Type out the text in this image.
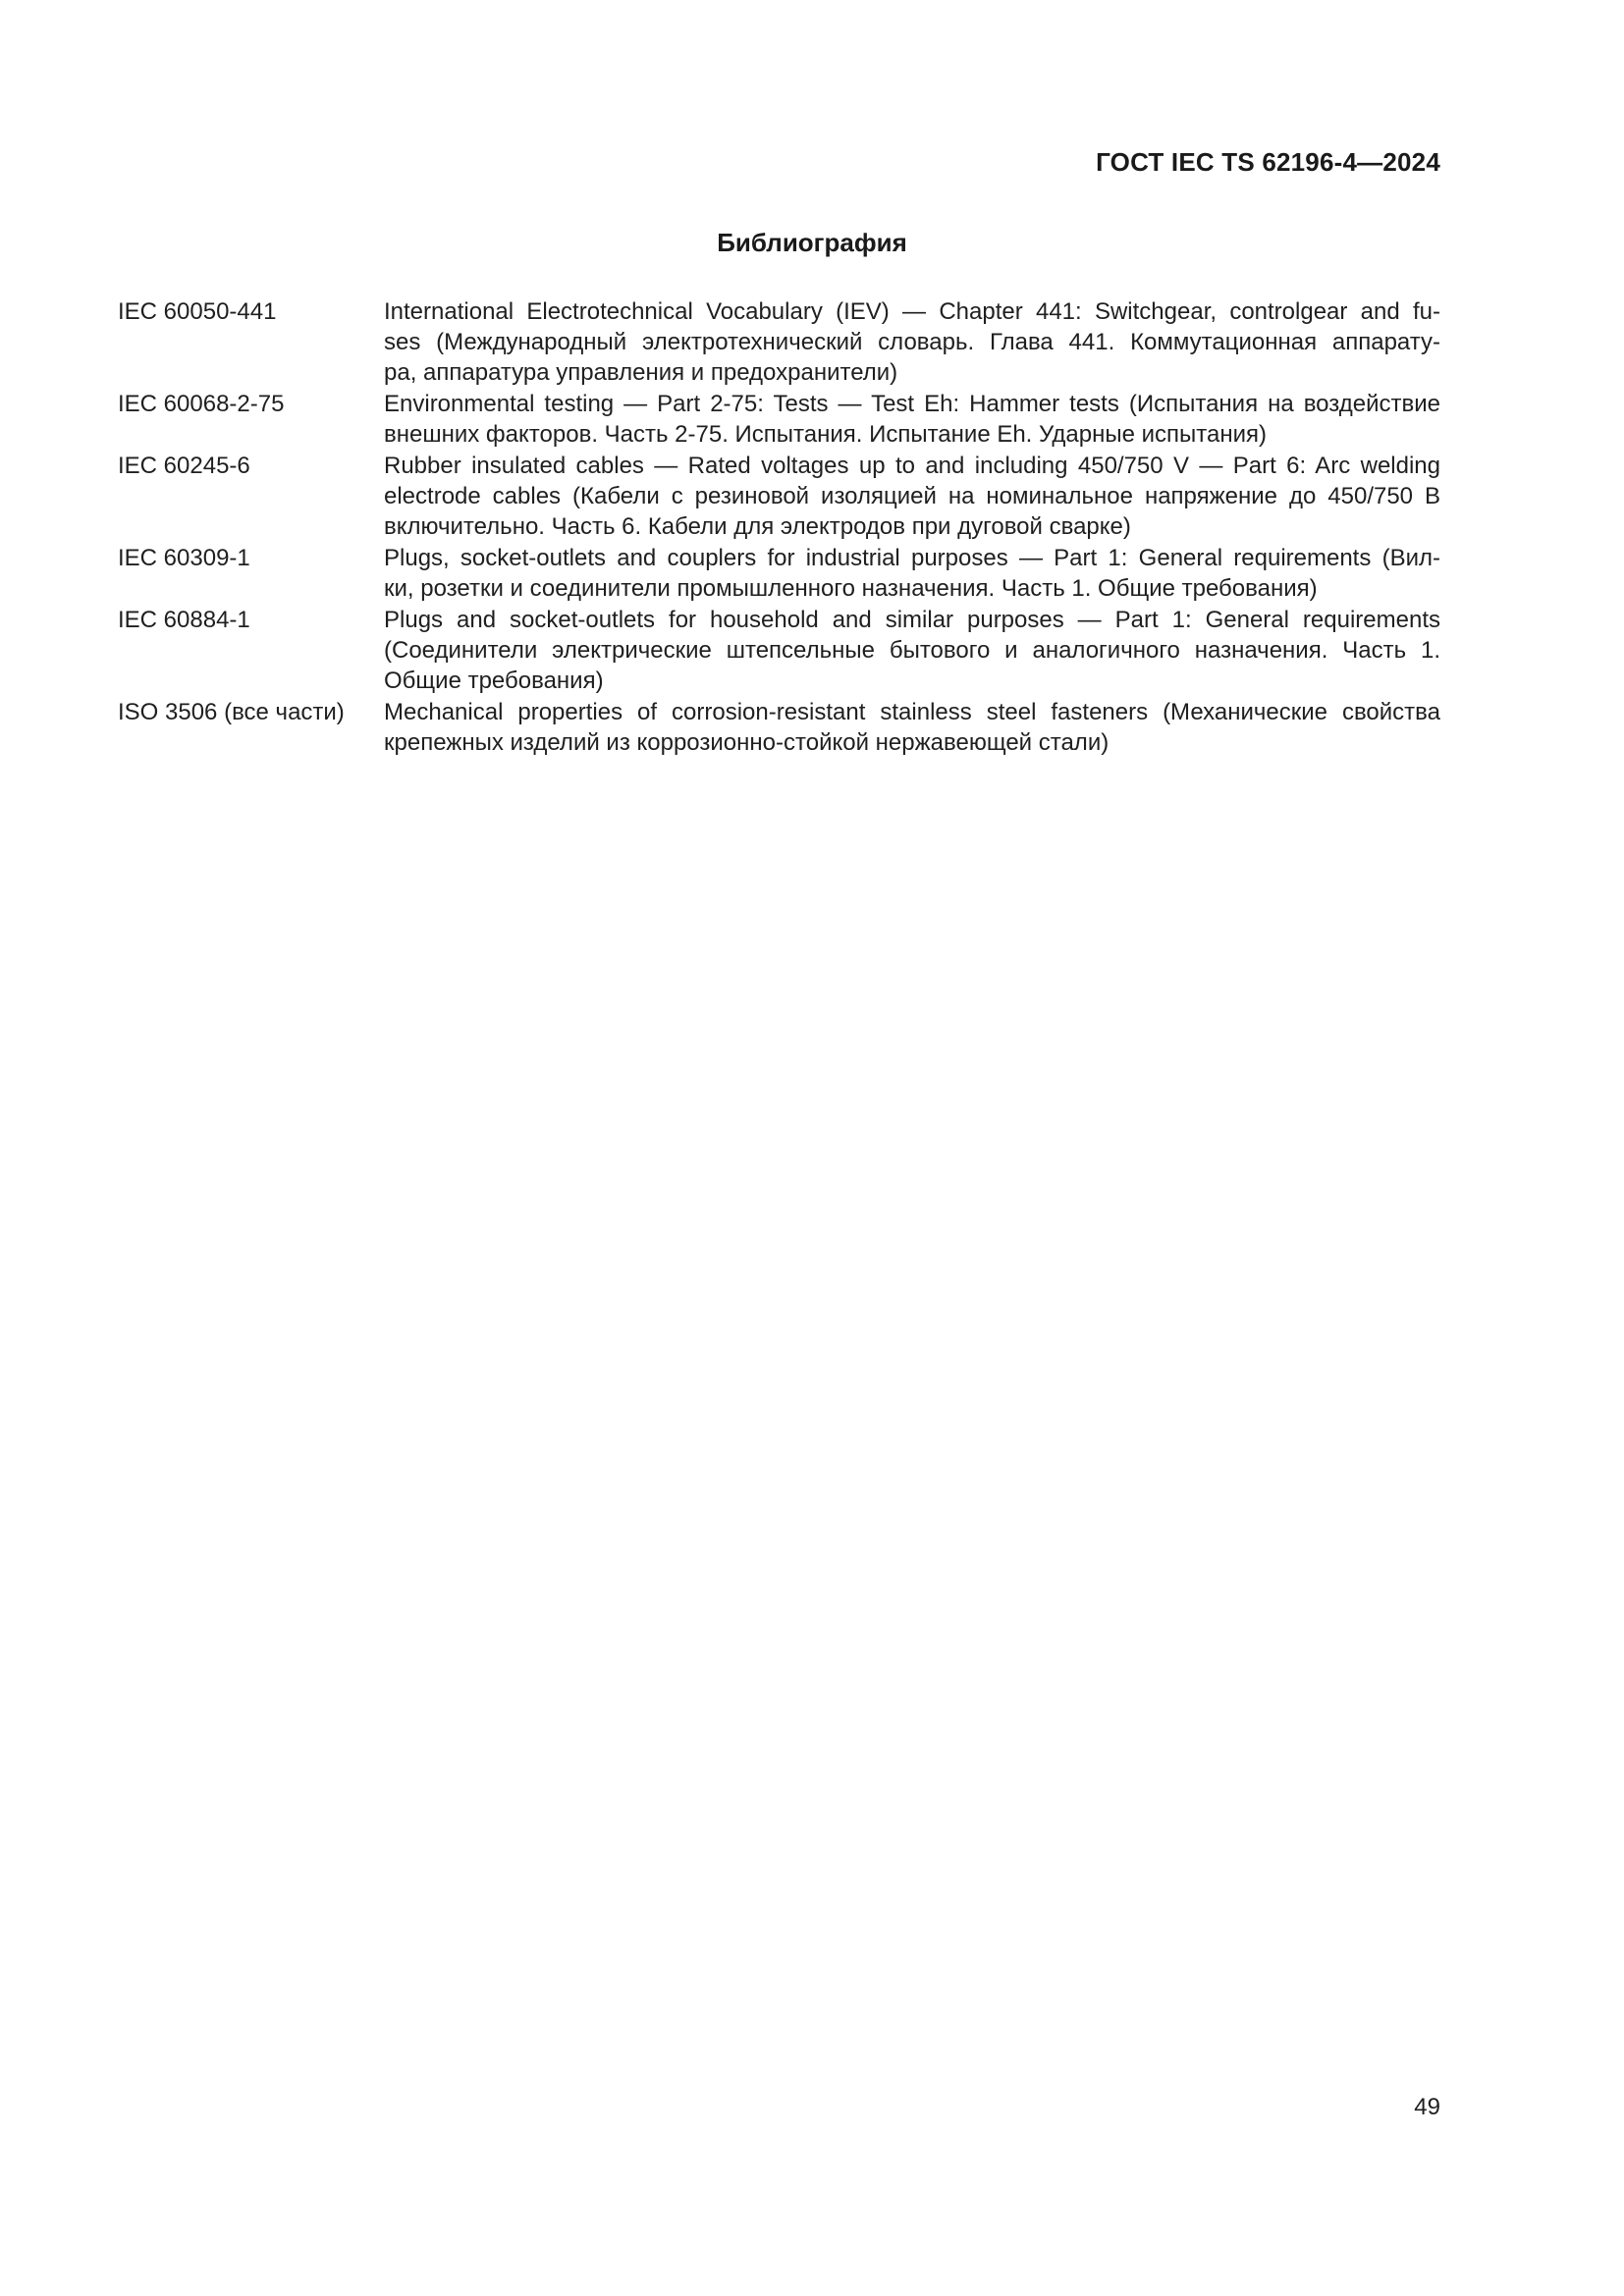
ГОСТ IEC TS 62196-4—2024
Библиография
IEC 60050-441	International Electrotechnical Vocabulary (IEV) — Chapter 441: Switchgear, controlgear and fu-
ses (Международный электротехнический словарь. Глава 441. Коммутационная аппарату-
ра, аппаратура управления и предохранители)
IEC 60068-2-75	Environmental testing — Part 2-75: Tests — Test Eh: Hammer tests (Испытания на воздействие
внешних факторов. Часть 2-75. Испытания. Испытание Eh. Ударные испытания)
IEC 60245-6	Rubber insulated cables — Rated voltages up to and including 450/750 V — Part 6: Arc welding
electrode cables (Кабели с резиновой изоляцией на номинальное напряжение до 450/750 В
включительно. Часть 6. Кабели для электродов при дуговой сварке)
IEC 60309-1	Plugs, socket-outlets and couplers for industrial purposes — Part 1: General requirements (Вил-
ки, розетки и соединители промышленного назначения. Часть 1. Общие требования)
IEC 60884-1	Plugs and socket-outlets for household and similar purposes — Part 1: General requirements
(Соединители электрические штепсельные бытового и аналогичного назначения. Часть 1.
Общие требования)
ISO 3506 (все части)	Mechanical properties of corrosion-resistant stainless steel fasteners (Механические свойства
крепежных изделий из коррозионно-стойкой нержавеющей стали)
49
